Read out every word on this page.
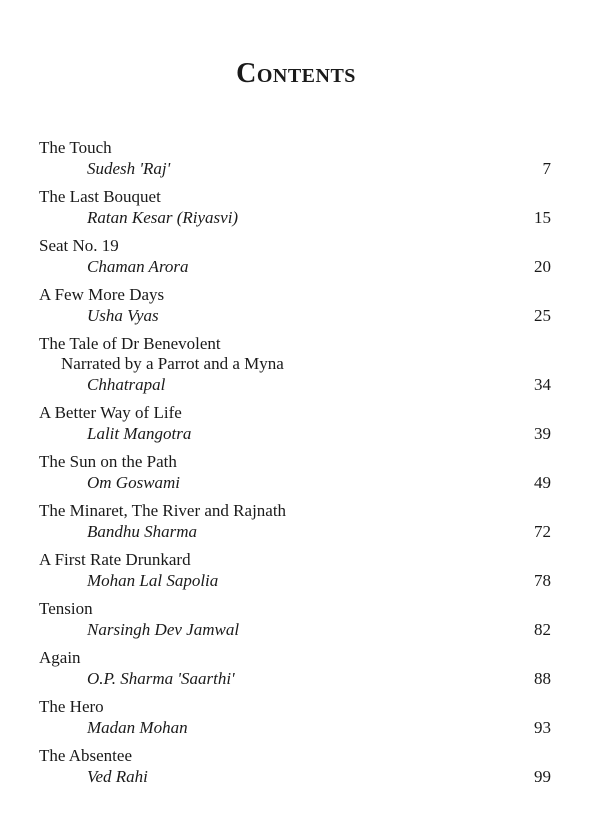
Contents
The Touch
Sudesh 'Raj'	7
The Last Bouquet
Ratan Kesar (Riyasvi)	15
Seat No. 19
Chaman Arora	20
A Few More Days
Usha Vyas	25
The Tale of Dr Benevolent
Narrated by a Parrot and a Myna
Chhatrapal	34
A Better Way of Life
Lalit Mangotra	39
The Sun on the Path
Om Goswami	49
The Minaret, The River and Rajnath
Bandhu Sharma	72
A First Rate Drunkard
Mohan Lal Sapolia	78
Tension
Narsingh Dev Jamwal	82
Again
O.P. Sharma 'Saarthi'	88
The Hero
Madan Mohan	93
The Absentee
Ved Rahi	99
